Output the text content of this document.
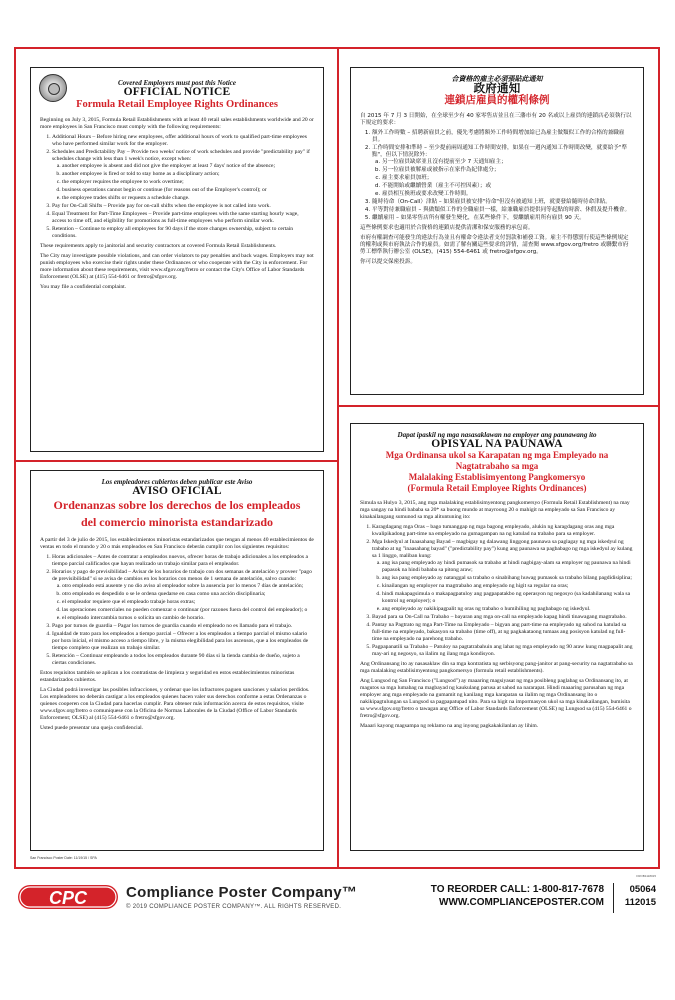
Covered Employers must post this Notice
OFFICIAL NOTICE
Formula Retail Employee Rights Ordinances

Beginning on July 3, 2015, Formula Retail Establishments with at least 40 retail sales establishments worldwide and 20 or more employees in San Francisco must comply with the following requirements:

1. Additional Hours – Before hiring new employees, offer additional hours of work to qualified part-time employees who have performed similar work for the employer.
2. Schedules and Predictability Pay – Provide two weeks' notice of work schedules and provide "predictability pay" if schedules change with less than 1 week's notice, except when:
a. another employee is absent and did not give the employer at least 7 days' notice of the absence;
b. another employee is fired or told to stay home as a disciplinary action;
c. the employer requires the employee to work overtime;
d. business operations cannot begin or continue (for reasons out of the Employer's control); or
e. the employee trades shifts or requests a schedule change.
3. Pay for On-Call Shifts – Provide pay for on-call shifts when the employee is not called into work.
4. Equal Treatment for Part-Time Employees – Provide part-time employees with the same starting hourly wage, access to time off, and eligibility for promotions as full-time employees who perform similar work.
5. Retention – Continue to employ all employees for 90 days if the store changes ownership, subject to certain conditions.

These requirements apply to janitorial and security contractors at covered Formula Retail Establishments.

The City may investigate possible violations, and can order violators to pay penalties and back wages. Employers may not punish employees who exercise their rights under these Ordinances or who cooperate with the City in enforcement. For more information about these requirements, visit www.sfgov.org/fretro or contact the City's Office of Labor Standards Enforcement (OLSE) at (415) 554-6461 or fretro@sfgov.org.

You may file a confidential complaint.

Los empleadores cubiertos deben publicar este Aviso
AVISO OFICIAL
Ordenanzas sobre los derechos de los empleados
del comercio minorista estandarizado

A partir del 3 de julio de 2015, los establecimientos minoristas estandarizados que tengan al menos 40 establecimientos de ventas en todo el mundo y 20 o más empleados en San Francisco deberán cumplir con los siguientes requisitos:

1. Horas adicionales – Antes de contratar a empleados nuevos, ofrecer horas de trabajo adicionales a los empleados a tiempo parcial calificados que hayan realizado un trabajo similar para el empleador.
2. Horarios y pago de previsibilidad – Avisar de los horarios de trabajo con dos semanas de antelación y proveer "pago de previsibilidad" si se avisa de cambios en los horarios con menos de 1 semana de antelación, salvo cuando:
a. otro empleado está ausente y no dio aviso al empleador sobre la ausencia por lo menos 7 días de antelación;
b. otro empleado es despedido o se le ordena quedarse en casa como una acción disciplinaria;
c. el empleador requiere que el empleado trabaje horas extras;
d. las operaciones comerciales no pueden comenzar o continuar (por razones fuera del control del empleador); o
e. el empleado intercambia turnos o solicita un cambio de horario.
3. Pago por turnos de guardia – Pagar los turnos de guardia cuando el empleado no es llamado para el trabajo.
4. Igualdad de trato para los empleados a tiempo parcial – Ofrecer a los empleados a tiempo parcial el mismo salario por hora inicial, el mismo acceso a tiempo libre, y la misma elegibilidad para los ascensos, que a los empleados de tiempo completo que realizan un trabajo similar.
5. Retención – Continuar empleando a todos los empleados durante 90 días si la tienda cambia de dueño, sujeto a ciertas condiciones.

Estos requisitos también se aplican a los contratistas de limpieza y seguridad en estos establecimientos minoristas estandarizados cubiertos.

La Ciudad podrá investigar las posibles infracciones, y ordenar que los infractores paguen sanciones y salarios perdidos. Los empleadores no deberán castigar a los empleados quienes hacen valer sus derechos conforme a estas Ordenanzas o quienes cooperen con la Ciudad para hacerlas cumplir. Para obtener más información acerca de estos requisitos, visite www.sfgov.org/fretro o comuníquese con la Oficina de Normas Laborales de la Ciudad (Office of Labor Standards Enforcement; OLSE) al (415) 554-6461 o fretro@sfgov.org.

Usted puede presentar una queja confidencial.

合資格的雇主必須張貼此通知
政府通知
連鎖店雇員的權利條例

自 2015 年 7 月 3 日開始，在全球至少有 40 家零售店並且在三藩市有 20 名或以上雇員的連鎖店必須執行以下規定的要求：

1. 額外工作時數 – 招聘新雇員之前，優先考慮將額外工作時間增加給已為雇主做類似工作的合格的兼職雇員。
2. 工作時間安排和準時 – 至少提前兩周通知工作時間安排，如果在一週內通知工作時間改變，就要給予"準點"，但以下情況除外：
a. 另一位雇員缺席並且沒有提前至少 7 天通知雇主；
b. 另一位雇員被解雇或被指示在家作為紀律處分；
c. 雇主要求雇員加班；
d. 不能開始或繼續營業（雇主不可控因素）；或
e. 雇員相互換班或要求改變工作時間。
3. 隨時待命（On-Call）津貼 – 如果雇員被安排"待命"但沒有被通知上班，就要發給隨時待命津貼。
4. 平等對待兼職雇員 – 與做類似工作的全職雇員一樣，給兼職雇員提供同等起點的時薪、休假及提升機會。
5. 繼續雇用 – 如果零售店所有權發生變化，在某些條件下，要繼續雇用所有雇員 90 天。

這些條例要求也適用於合資格的連鎖店提供清潔和保安服務的承包商。

市府有權調查可能發生的違法行為並且有權命令違法者支付罰款和補發工資。雇主不得懲罰行使這些條例規定的權利或與市府執法合作的雇員。如需了解有關這些要求的詳情，請查閱 www.sfgov.org/fretro 或聯繫市府勞工標準執行辦公室 (OLSE)，(415) 554-6461 或 fretro@sfgov.org。

你可以提交保密投訴。

Dapat ipaskil ng mga nasasaklawan na employer ang paunawang ito
OPISYAL NA PAUNAWA
Mga Ordinansa ukol sa Karapatan ng mga Empleyado na Nagtatrabaho sa mga
Malalaking Establisimyentong Pangkomersyo
(Formula Retail Employee Rights Ordinances)

Simula sa Hulyo 3, 2015, ang mga malalaking establisimyentong pangkomersyo (Formula Retail Establishment) na may mga sangay na hindi bababa sa 20* sa buong mundo at mayroong 20 o mahigit na empleyado sa San Francisco ay kinakailangang sumunod sa mga alituntuning ito:

1. Karagdagang mga Oras – bago tumanggap ng mga bagong empleyado, alukin ng karagdagang oras ang mga kwalipikadong part-time na empleyado na gumagampan na ng katulad na trabaho para sa employer.
2. Mga Iskedyul at Inaasahang Bayad – magbigay ng dalawang linggong paunawa sa paglagay ng mga iskedyul ng trabaho at ng "inaasahang bayad" ("predictability pay") kung ang paunawa sa pagbabago ng mga iskedyul ay kulang sa 1 linggo, maliban kung:
a. ang isa pang empleyado ay hindi pumasok sa trabaho at hindi nagbigay-alam sa employer ng paunawa na hindi papasok na hindi bababa sa pitong araw;
b. ang isa pang empleyado ay natanggal sa trabaho o sinabihang huwag pumasok sa trabaho bilang pagdidisiplina;
c. kinailangan ng employer na magtrabaho ang empleyado ng higit sa regular na oras;
d. hindi makapagsimula o makapagpatuloy ang pagpapatakbo ng operasyon ng negosyo (sa kadahilanang wala sa kontrol ng employer); o
e. ang empleyado ay nakikipagpalit ng oras ng trabaho o humihiling ng pagbabago ng iskedyul.
3. Bayad para sa On-Call na Trabaho – bayaran ang mga on-call na empleyado kapag hindi tinawagang magtrabaho.
4. Pantay na Pagtrato ng mga Part-Time na Empleyado – bigyan ang part-time na empleyado ng sahod na katulad sa full-time na empleyado, bakasyon sa trabaho (time off), at ng pagkakataong tumaas ang posisyon katulad ng full-time na empleyado na parehong trabaho.
5. Pagpapanatili sa Trabaho – Patuloy na pagtatrabahuin ang lahat ng mga empleyado ng 90 araw kung magpapalit ang may-ari ng negosyo, sa ilalim ng ilang mga kondisyon.

Ang Ordinansang ito ay nasasaklaw din sa mga kontratista ng serbisyong pang-janitor at pang-security na nagtatrabaho sa mga malalaking establisimyentong pangkomersyo (formula retail establishments).

Ang Lungsod ng San Francisco ("Lungsod") ay maaaring magsiyasat ng mga posibleng paglabag sa Ordinansang ito, at magutos sa mga lumabag na magbayad ng kaukulang parusa at sahod na nararapat. Hindi maaaring parusahan ng mga employer ang mga empleyado na gumamit ng kanilang mga karapatan sa ilalim ng mga Ordinansang ito o nakikipagtulungan sa Lungsod sa pagpapatupad nito. Para sa higit na impormasyon ukol sa mga kinakailangan, bumisita sa www.sfgov.org/fretro o tawagan ang Office of Labor Standards Enforcement (OLSE) ng Lungsod sa (415) 554-6461 o fretro@sfgov.org.

Maaari kayong magsampa ng reklamo na ang inyong pagkakakilanlan ay lihim.

San Francisco Poster Date: 11/19/15 / SPA
FROB1118015
CPC	Compliance Poster Company™
© 2019 COMPLIANCE POSTER COMPANY™. ALL RIGHTS RESERVED.
TO REORDER CALL: 1-800-817-7678
WWW.COMPLIANCEPOSTER.COM
05064
112015
